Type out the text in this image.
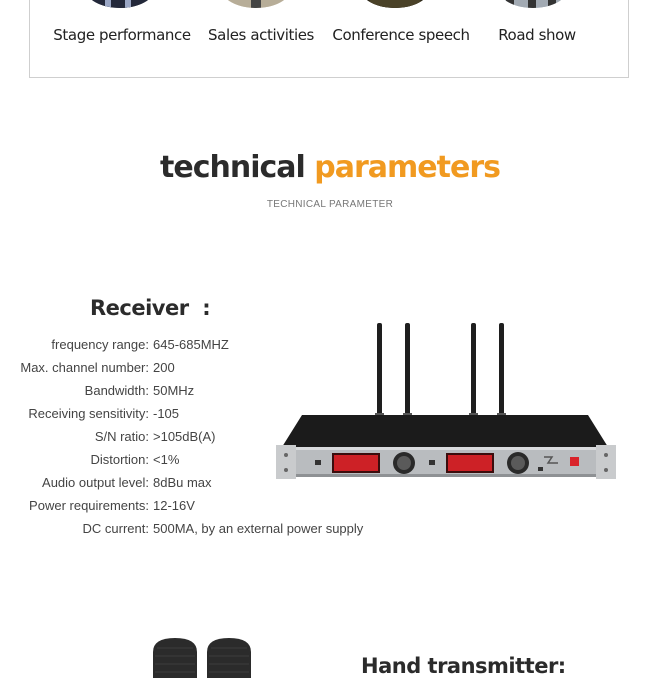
Stage performance Sales activities Conference speech Road show
technical parameters
TECHNICAL PARAMETER
Receiver  :
frequency range: 645-685MHZ
Max. channel number: 200
Bandwidth: 50MHz
Receiving sensitivity: -105
S/N ratio: >105dB(A)
Distortion: <1%
Audio output level: 8dBu max
Power requirements: 12-16V
DC current: 500MA, by an external power supply
Hand transmitter:
